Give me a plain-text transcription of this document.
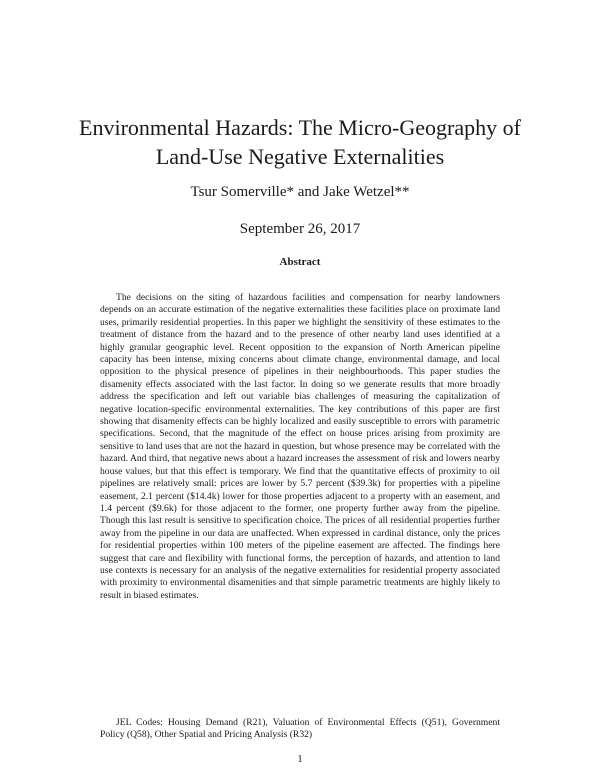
Environmental Hazards: The Micro-Geography of
Land-Use Negative Externalities
Tsur Somerville* and Jake Wetzel**
September 26, 2017
Abstract

The decisions on the siting of hazardous facilities and compensation for nearby landowners depends on an accurate estimation of the negative externalities these facilities place on proximate land uses, primarily residential properties. In this paper we highlight the sensitivity of these estimates to the treatment of distance from the hazard and to the presence of other nearby land uses identified at a highly granular geographic level. Recent opposition to the expansion of North American pipeline capacity has been intense, mixing concerns about climate change, environmental damage, and local opposition to the physical presence of pipelines in their neighbourhoods. This paper studies the disamenity effects associated with the last factor. In doing so we generate results that more broadly address the specification and left out variable bias challenges of measuring the capitalization of negative location-specific environmental externalities. The key contributions of this paper are first showing that disamenity effects can be highly localized and easily susceptible to errors with parametric specifications. Second, that the magnitude of the effect on house prices arising from proximity are sensitive to land uses that are not the hazard in question, but whose presence may be correlated with the hazard. And third, that negative news about a hazard increases the assessment of risk and lowers nearby house values, but that this effect is temporary. We find that the quantitative effects of proximity to oil pipelines are relatively small: prices are lower by 5.7 percent ($39.3k) for properties with a pipeline easement, 2.1 percent ($14.4k) lower for those properties adjacent to a property with an easement, and 1.4 percent ($9.6k) for those adjacent to the former, one property further away from the pipeline. Though this last result is sensitive to specification choice. The prices of all residential properties further away from the pipeline in our data are unaffected. When expressed in cardinal distance, only the prices for residential properties within 100 meters of the pipeline easement are affected. The findings here suggest that care and flexibility with functional forms, the perception of hazards, and attention to land use contexts is necessary for an analysis of the negative externalities for residential property associated with proximity to environmental disamenities and that simple parametric treatments are highly likely to result in biased estimates.

JEL Codes: Housing Demand (R21), Valuation of Environmental Effects (Q51), Government Policy (Q58), Other Spatial and Pricing Analysis (R32)

1
